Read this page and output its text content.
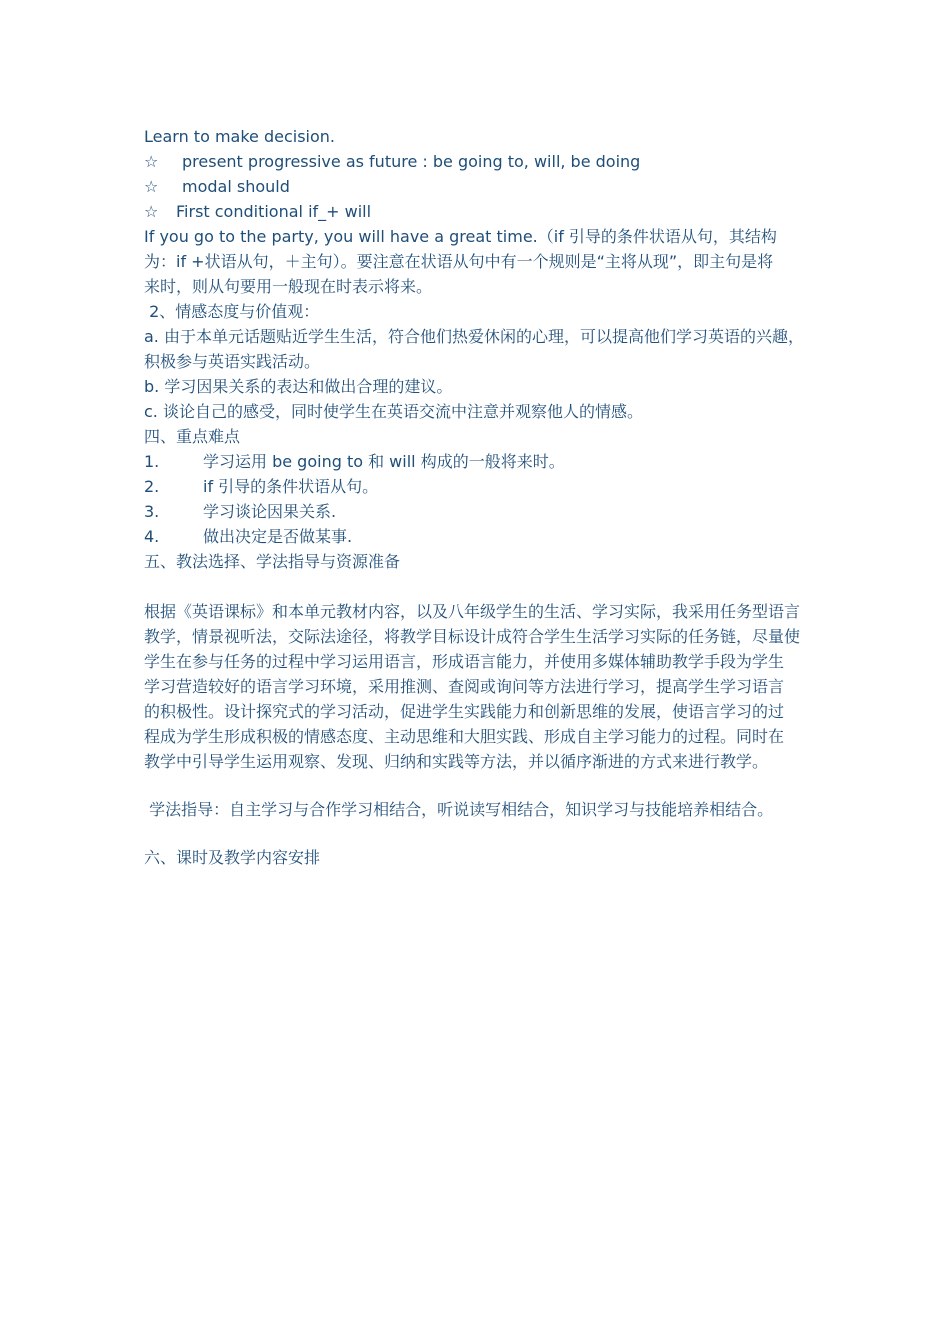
Learn to make decision.

☆ present progressive as future : be going to, will, be doing

☆ modal should

☆ First conditional if_+ will

If you go to the party, you will have a great time.（if 引导的条件状语从句，其结构

为：if +状语从句，＋主句）。要注意在状语从句中有一个规则是“主将从现”，即主句是将

来时，则从句要用一般现在时表示将来。

2、情感态度与价值观：

a. 由于本单元话题贴近学生生活，符合他们热爱休闲的心理，可以提高他们学习英语的兴趣，

积极参与英语实践活动。

b. 学习因果关系的表达和做出合理的建议。

c. 谈论自己的感受，同时使学生在英语交流中注意并观察他人的情感。

四、重点难点

1.	学习运用 be going to 和 will 构成的一般将来时。

2.	if 引导的条件状语从句。

3.	学习谈论因果关系.

4.	做出决定是否做某事.

五、教法选择、学法指导与资源准备

根据《英语课标》和本单元教材内容，以及八年级学生的生活、学习实际，我采用任务型语言

教学，情景视听法，交际法途径，将教学目标设计成符合学生生活学习实际的任务链，尽量使

学生在参与任务的过程中学习运用语言，形成语言能力，并使用多媒体辅助教学手段为学生

学习营造较好的语言学习环境，采用推测、查阅或询问等方法进行学习，提高学生学习语言

的积极性。设计探究式的学习活动，促进学生实践能力和创新思维的发展，使语言学习的过

程成为学生形成积极的情感态度、主动思维和大胆实践、形成自主学习能力的过程。同时在

教学中引导学生运用观察、发现、归纳和实践等方法，并以循序渐进的方式来进行教学。

学法指导：自主学习与合作学习相结合，听说读写相结合，知识学习与技能培养相结合。

六、课时及教学内容安排
